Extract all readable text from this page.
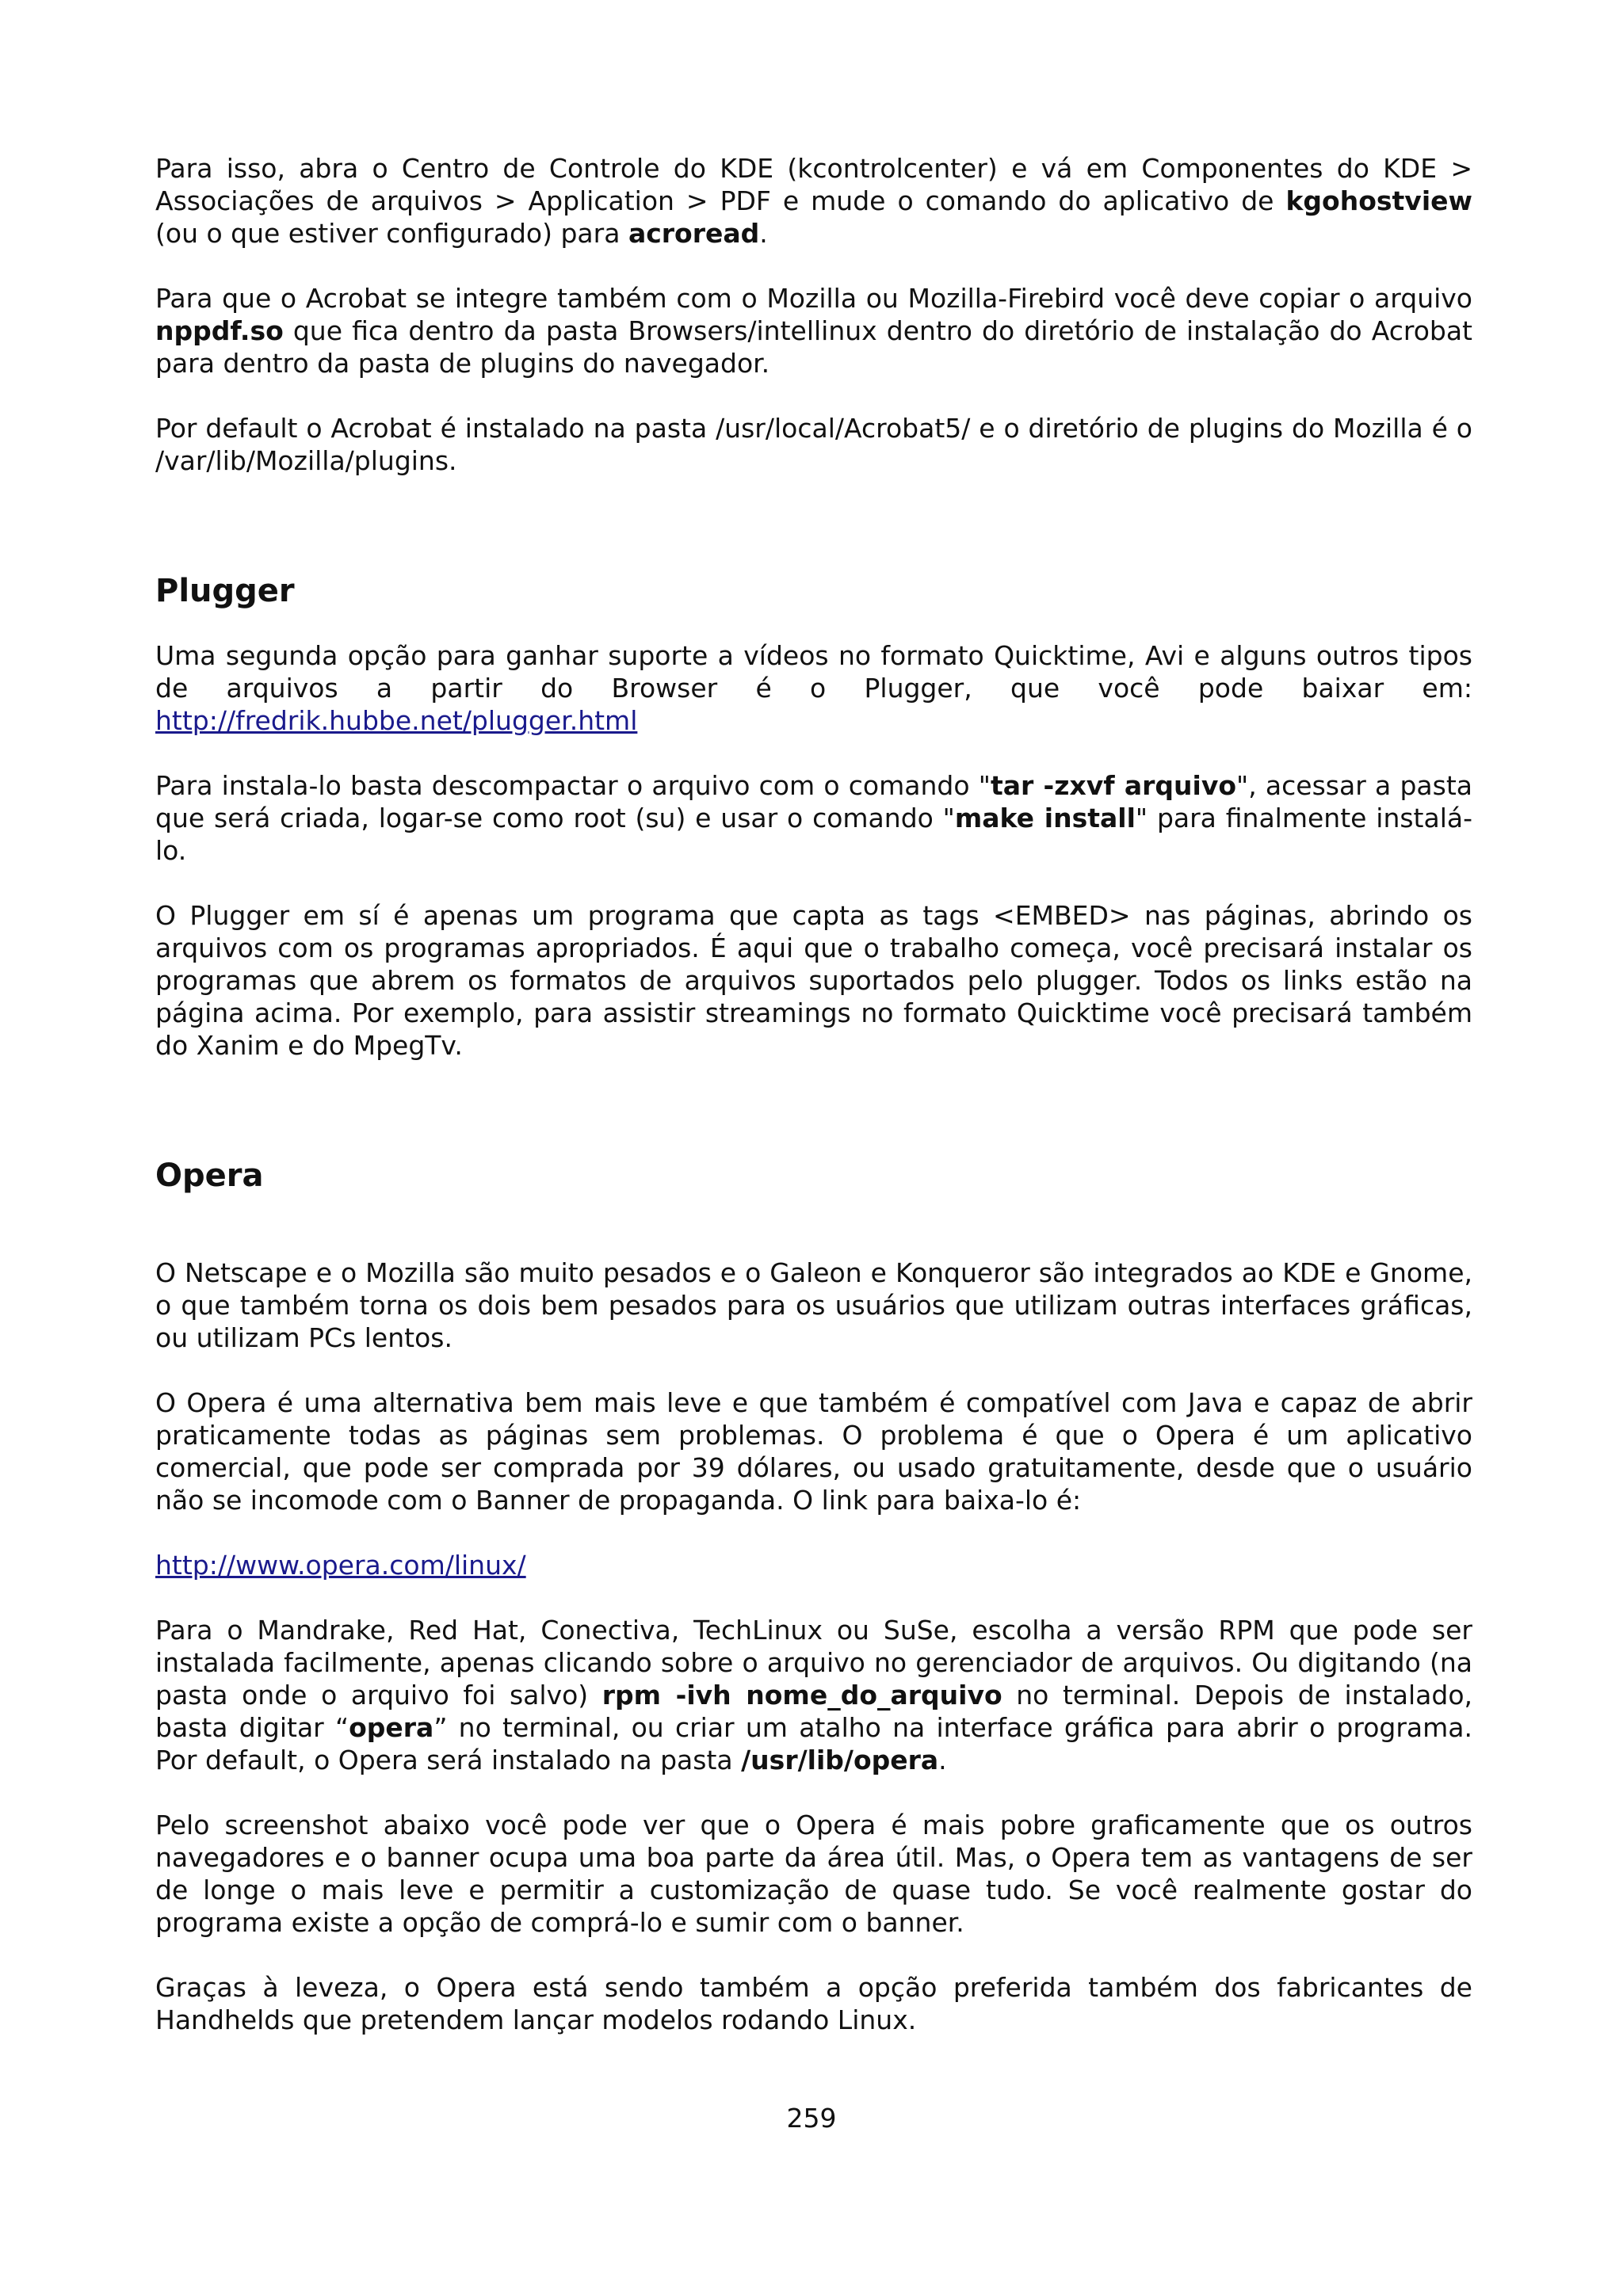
Para isso, abra o Centro de Controle do KDE (kcontrolcenter) e vá em Componentes do KDE > Associações de arquivos > Application > PDF e mude o comando do aplicativo de kgohostview (ou o que estiver configurado) para acroread.

Para que o Acrobat se integre também com o Mozilla ou Mozilla-Firebird você deve copiar o arquivo nppdf.so que fica dentro da pasta Browsers/intellinux dentro do diretório de instalação do Acrobat para dentro da pasta de plugins do navegador.

Por default o Acrobat é instalado na pasta /usr/local/Acrobat5/ e o diretório de plugins do Mozilla é o /var/lib/Mozilla/plugins.

Plugger

Uma segunda opção para ganhar suporte a vídeos no formato Quicktime, Avi e alguns outros tipos de arquivos a partir do Browser é o Plugger, que você pode baixar em: http://fredrik.hubbe.net/plugger.html

Para instala-lo basta descompactar o arquivo com o comando "tar -zxvf arquivo", acessar a pasta que será criada, logar-se como root (su) e usar o comando "make install" para finalmente instalá-lo.

O Plugger em sí é apenas um programa que capta as tags <EMBED> nas páginas, abrindo os arquivos com os programas apropriados. É aqui que o trabalho começa, você precisará instalar os programas que abrem os formatos de arquivos suportados pelo plugger. Todos os links estão na página acima. Por exemplo, para assistir streamings no formato Quicktime você precisará também do Xanim e do MpegTv.

Opera

O Netscape e o Mozilla são muito pesados e o Galeon e Konqueror são integrados ao KDE e Gnome, o que também torna os dois bem pesados para os usuários que utilizam outras interfaces gráficas, ou utilizam PCs lentos.

O Opera é uma alternativa bem mais leve e que também é compatível com Java e capaz de abrir praticamente todas as páginas sem problemas. O problema é que o Opera é um aplicativo comercial, que pode ser comprada por 39 dólares, ou usado gratuitamente, desde que o usuário não se incomode com o Banner de propaganda. O link para baixa-lo é:

http://www.opera.com/linux/

Para o Mandrake, Red Hat, Conectiva, TechLinux ou SuSe, escolha a versão RPM que pode ser instalada facilmente, apenas clicando sobre o arquivo no gerenciador de arquivos. Ou digitando (na pasta onde o arquivo foi salvo) rpm -ivh nome_do_arquivo no terminal. Depois de instalado, basta digitar “opera” no terminal, ou criar um atalho na interface gráfica para abrir o programa. Por default, o Opera será instalado na pasta /usr/lib/opera.

Pelo screenshot abaixo você pode ver que o Opera é mais pobre graficamente que os outros navegadores e o banner ocupa uma boa parte da área útil. Mas, o Opera tem as vantagens de ser de longe o mais leve e permitir a customização de quase tudo. Se você realmente gostar do programa existe a opção de comprá-lo e sumir com o banner.

Graças à leveza, o Opera está sendo também a opção preferida também dos fabricantes de Handhelds que pretendem lançar modelos rodando Linux.

259
